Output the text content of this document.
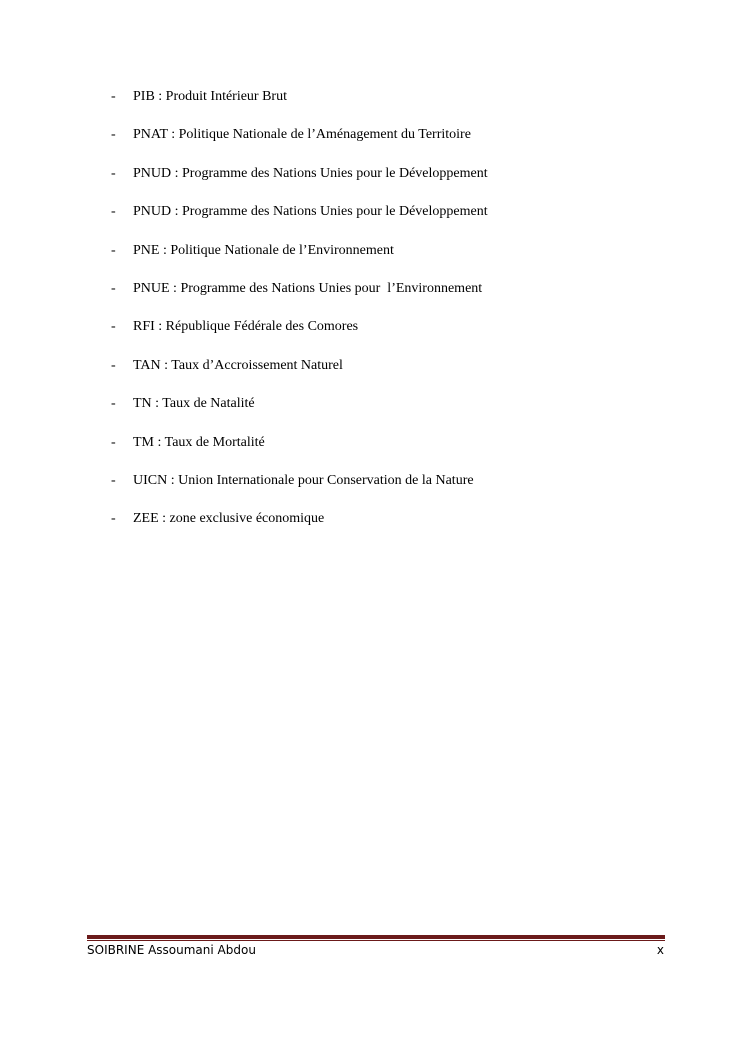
-	PIB : Produit Intérieur Brut
-	PNAT : Politique Nationale de l’Aménagement du Territoire
-	PNUD : Programme des Nations Unies pour le Développement
-	PNUD : Programme des Nations Unies pour le Développement
-	PNE : Politique Nationale de l’Environnement
-	PNUE : Programme des Nations Unies pour  l’Environnement
-	RFI : République Fédérale des Comores
-	TAN : Taux d’Accroissement Naturel
-	TN : Taux de Natalité
-	TM : Taux de Mortalité
-	UICN : Union Internationale pour Conservation de la Nature
-	ZEE : zone exclusive économique
SOIBRINE Assoumani Abdou	x
